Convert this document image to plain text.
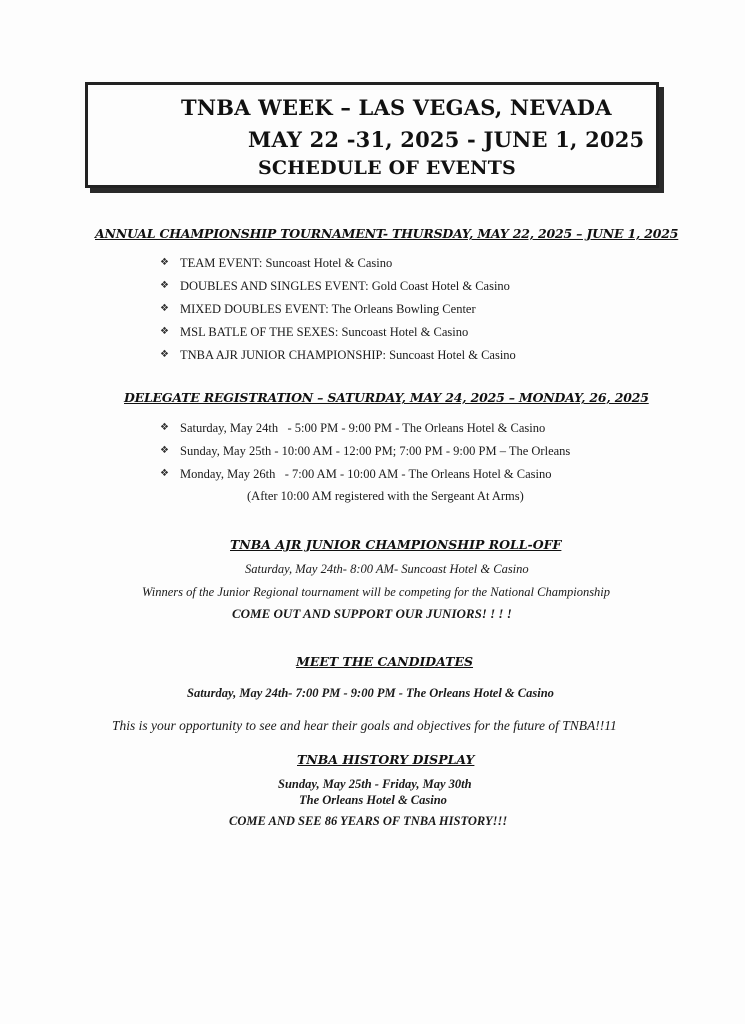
TNBA WEEK – LAS VEGAS, NEVADA
MAY 22 -31, 2025 - JUNE 1, 2025
SCHEDULE OF EVENTS
ANNUAL CHAMPIONSHIP TOURNAMENT- THURSDAY, MAY 22, 2025 – JUNE 1, 2025
❖ TEAM EVENT: Suncoast Hotel & Casino
❖ DOUBLES AND SINGLES EVENT: Gold Coast Hotel & Casino
❖ MIXED DOUBLES EVENT: The Orleans Bowling Center
❖ MSL BATLE OF THE SEXES: Suncoast Hotel & Casino
❖ TNBA AJR JUNIOR CHAMPIONSHIP: Suncoast Hotel & Casino
DELEGATE REGISTRATION – SATURDAY, MAY 24, 2025 – MONDAY, 26, 2025
❖ Saturday, May 24th   - 5:00 PM - 9:00 PM - The Orleans Hotel & Casino
❖ Sunday, May 25th - 10:00 AM - 12:00 PM; 7:00 PM - 9:00 PM – The Orleans
❖ Monday, May 26th   - 7:00 AM - 10:00 AM - The Orleans Hotel & Casino
(After 10:00 AM registered with the Sergeant At Arms)
TNBA AJR JUNIOR CHAMPIONSHIP ROLL-OFF
Saturday, May 24th- 8:00 AM- Suncoast Hotel & Casino
Winners of the Junior Regional tournament will be competing for the National Championship
COME OUT AND SUPPORT OUR JUNIORS! ! ! !
MEET THE CANDIDATES
Saturday, May 24th- 7:00 PM - 9:00 PM - The Orleans Hotel & Casino
This is your opportunity to see and hear their goals and objectives for the future of TNBA!!11
TNBA HISTORY DISPLAY
Sunday, May 25th - Friday, May 30th
The Orleans Hotel & Casino
COME AND SEE 86 YEARS OF TNBA HISTORY!!!
